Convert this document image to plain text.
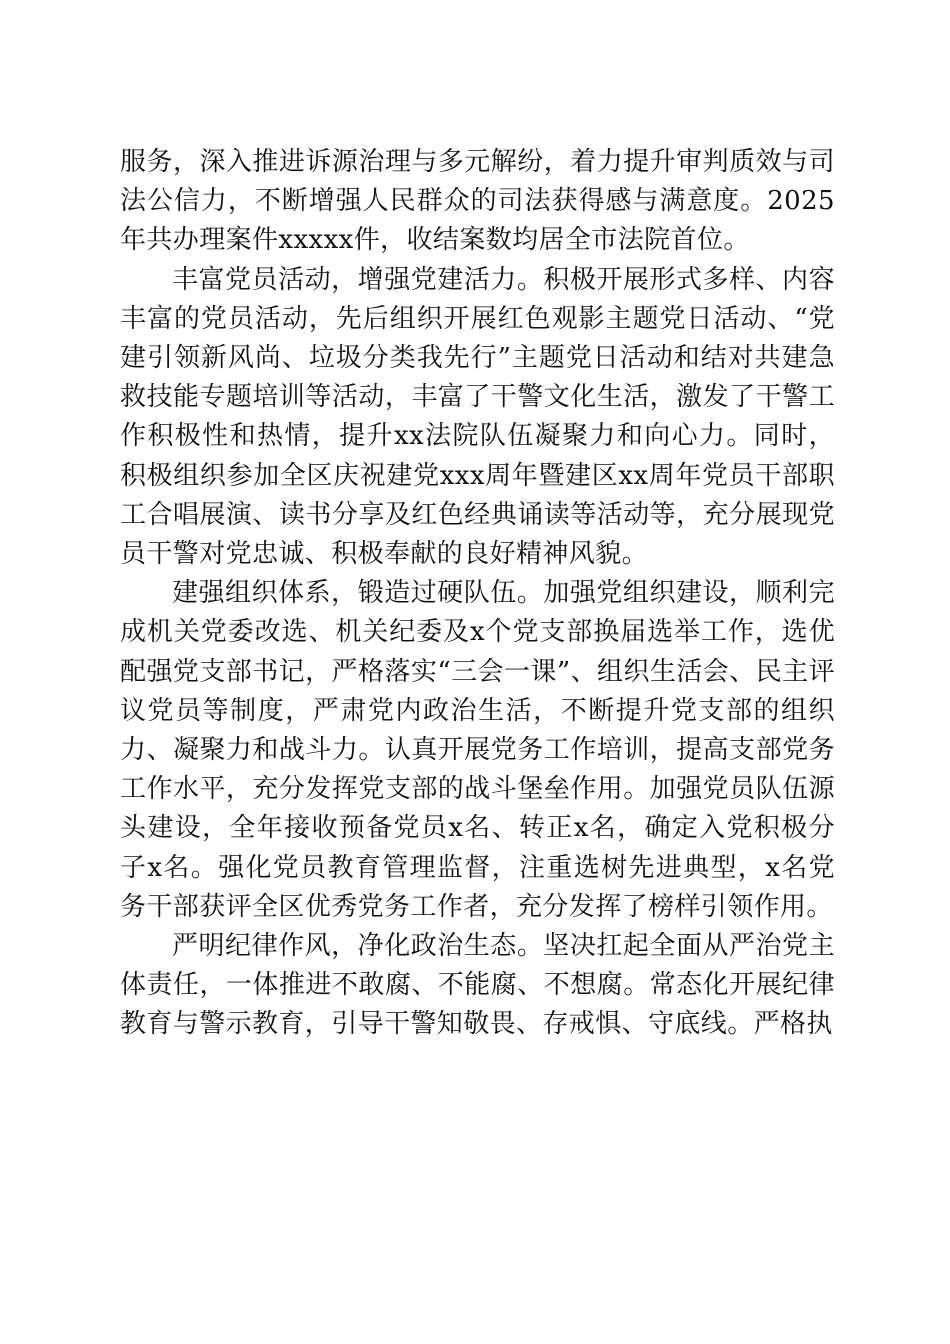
服务，深入推进诉源治理与多元解纷，着力提升审判质效与司法公信力，不断增强人民群众的司法获得感与满意度。2025年共办理案件xxxxx件，收结案数均居全市法院首位。

丰富党员活动，增强党建活力。积极开展形式多样、内容丰富的党员活动，先后组织开展红色观影主题党日活动、“党建引领新风尚、垃圾分类我先行”主题党日活动和结对共建急救技能专题培训等活动，丰富了干警文化生活，激发了干警工作积极性和热情，提升xx法院队伍凝聚力和向心力。同时，积极组织参加全区庆祝建党xxx周年暨建区xx周年党员干部职工合唱展演、读书分享及红色经典诵读等活动等，充分展现党员干警对党忠诚、积极奉献的良好精神风貌。

建强组织体系，锻造过硬队伍。加强党组织建设，顺利完成机关党委改选、机关纪委及x个党支部换届选举工作，选优配强党支部书记，严格落实“三会一课”、组织生活会、民主评议党员等制度，严肃党内政治生活，不断提升党支部的组织力、凝聚力和战斗力。认真开展党务工作培训，提高支部党务工作水平，充分发挥党支部的战斗堡垒作用。加强党员队伍源头建设，全年接收预备党员x名、转正x名，确定入党积极分子x名。强化党员教育管理监督，注重选树先进典型，x名党务干部获评全区优秀党务工作者，充分发挥了榜样引领作用。

严明纪律作风，净化政治生态。坚决扛起全面从严治党主体责任，一体推进不敢腐、不能腐、不想腐。常态化开展纪律教育与警示教育，引导干警知敬畏、存戒惧、守底线。严格执
